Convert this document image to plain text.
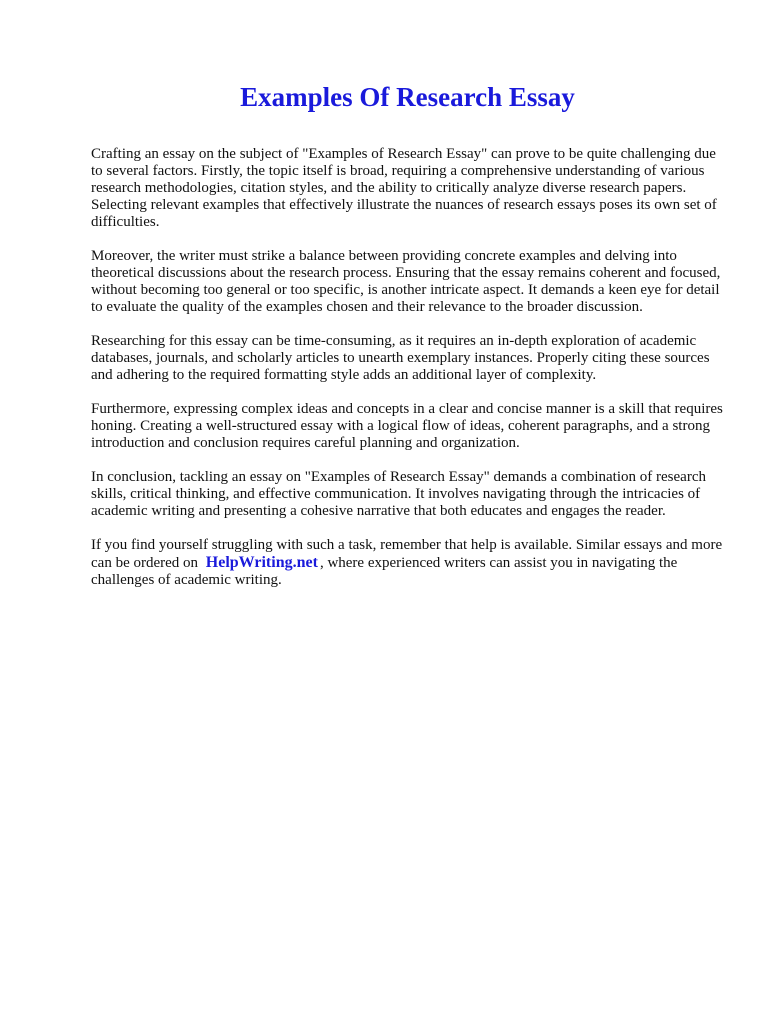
Examples Of Research Essay

Crafting an essay on the subject of "Examples of Research Essay" can prove to be quite challenging due to several factors. Firstly, the topic itself is broad, requiring a comprehensive understanding of various research methodologies, citation styles, and the ability to critically analyze diverse research papers. Selecting relevant examples that effectively illustrate the nuances of research essays poses its own set of difficulties.

Moreover, the writer must strike a balance between providing concrete examples and delving into theoretical discussions about the research process. Ensuring that the essay remains coherent and focused, without becoming too general or too specific, is another intricate aspect. It demands a keen eye for detail to evaluate the quality of the examples chosen and their relevance to the broader discussion.

Researching for this essay can be time-consuming, as it requires an in-depth exploration of academic databases, journals, and scholarly articles to unearth exemplary instances. Properly citing these sources and adhering to the required formatting style adds an additional layer of complexity.

Furthermore, expressing complex ideas and concepts in a clear and concise manner is a skill that requires honing. Creating a well-structured essay with a logical flow of ideas, coherent paragraphs, and a strong introduction and conclusion requires careful planning and organization.

In conclusion, tackling an essay on "Examples of Research Essay" demands a combination of research skills, critical thinking, and effective communication. It involves navigating through the intricacies of academic writing and presenting a cohesive narrative that both educates and engages the reader.

If you find yourself struggling with such a task, remember that help is available. Similar essays and more can be ordered on HelpWriting.net , where experienced writers can assist you in navigating the challenges of academic writing.
